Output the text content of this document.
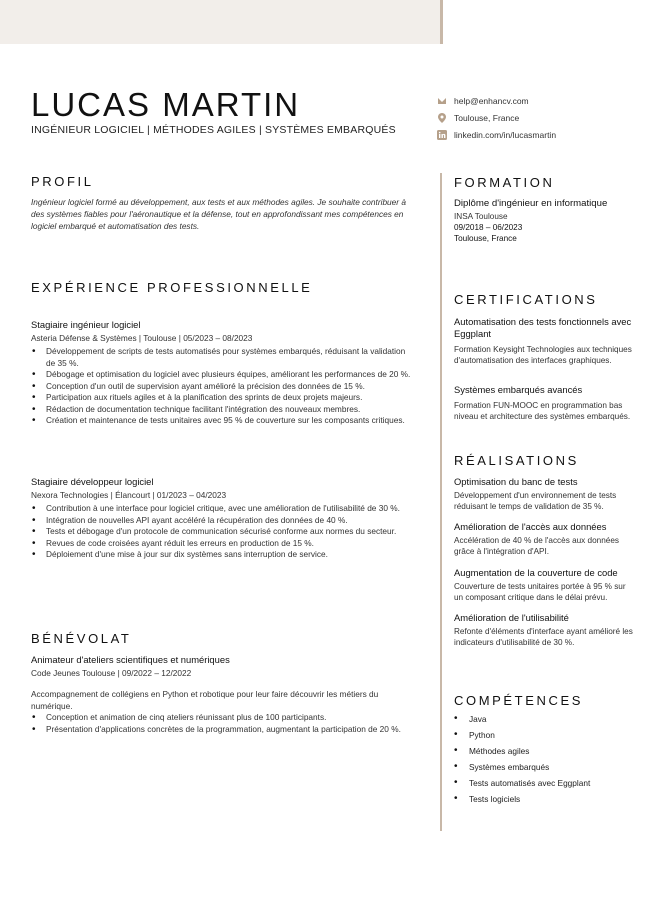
LUCAS MARTIN
INGÉNIEUR LOGICIEL | MÉTHODES AGILES | SYSTÈMES EMBARQUÉS
help@enhancv.com
Toulouse, France
linkedin.com/in/lucasmartin
PROFIL

Ingénieur logiciel formé au développement, aux tests et aux méthodes agiles. Je souhaite contribuer à des systèmes fiables pour l'aéronautique et la défense, tout en approfondissant mes compétences en logiciel embarqué et automatisation des tests.

EXPÉRIENCE PROFESSIONNELLE
Stagiaire ingénieur logiciel
Asteria Défense & Systèmes | Toulouse | 05/2023 – 08/2023
• Développement de scripts de tests automatisés pour systèmes embarqués, réduisant la validation de 35 %.
• Débogage et optimisation du logiciel avec plusieurs équipes, améliorant les performances de 20 %.
• Conception d'un outil de supervision ayant amélioré la précision des données de 15 %.
• Participation aux rituels agiles et à la planification des sprints de deux projets majeurs.
• Rédaction de documentation technique facilitant l'intégration des nouveaux membres.
• Création et maintenance de tests unitaires avec 95 % de couverture sur les composants critiques.
Stagiaire développeur logiciel
Nexora Technologies | Élancourt | 01/2023 – 04/2023
• Contribution à une interface pour logiciel critique, avec une amélioration de l'utilisabilité de 30 %.
• Intégration de nouvelles API ayant accéléré la récupération des données de 40 %.
• Tests et débogage d'un protocole de communication sécurisé conforme aux normes du secteur.
• Revues de code croisées ayant réduit les erreurs en production de 15 %.
• Déploiement d'une mise à jour sur dix systèmes sans interruption de service.
BÉNÉVOLAT
Animateur d'ateliers scientifiques et numériques
Code Jeunes Toulouse | 09/2022 – 12/2022

Accompagnement de collégiens en Python et robotique pour leur faire découvrir les métiers du numérique.

• Conception et animation de cinq ateliers réunissant plus de 100 participants.
• Présentation d'applications concrètes de la programmation, augmentant la participation de 20 %.
FORMATION
Diplôme d'ingénieur en informatique
INSA Toulouse
09/2018 – 06/2023
Toulouse, France
CERTIFICATIONS
Automatisation des tests fonctionnels avec Eggplant
Formation Keysight Technologies aux techniques d'automatisation des interfaces graphiques.
Systèmes embarqués avancés
Formation FUN-MOOC en programmation bas niveau et architecture des systèmes embarqués.
RÉALISATIONS
Optimisation du banc de tests
Développement d'un environnement de tests réduisant le temps de validation de 35 %.
Amélioration de l'accès aux données
Accélération de 40 % de l'accès aux données grâce à l'intégration d'API.
Augmentation de la couverture de code
Couverture de tests unitaires portée à 95 % sur un composant critique dans le délai prévu.
Amélioration de l'utilisabilité
Refonte d'éléments d'interface ayant amélioré les indicateurs d'utilisabilité de 30 %.
COMPÉTENCES
• Java
• Python
• Méthodes agiles
• Systèmes embarqués
• Tests automatisés avec Eggplant
• Tests logiciels
